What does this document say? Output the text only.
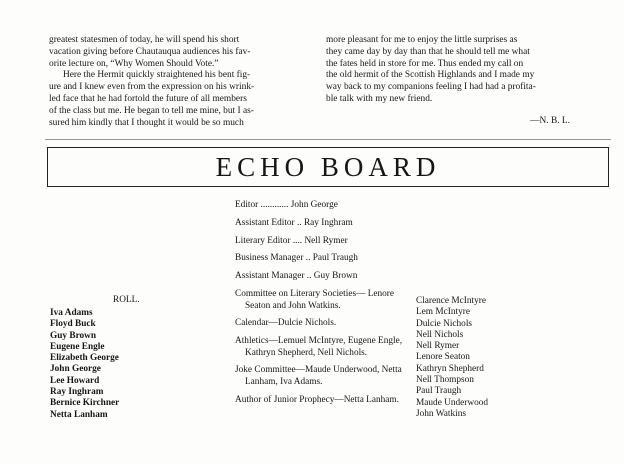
greatest statesmen of today, he will spend his short
vacation giving before Chautauqua audiences his fav-
orite lecture on, “Why Women Should Vote.”

Here the Hermit quickly straightened his bent fig-
ure and I knew even from the expression on his wrink-
led face that he had fortold the future of all members
of the class but me. He began to tell me mine, but I as-
sured him kindly that I thought it would be so much

more pleasant for me to enjoy the little surprises as
they came day by day than that he should tell me what
the fates held in store for me. Thus ended my call on
the old hermit of the Scottish Highlands and I made my
way back to my companions feeling I had had a profita-
ble talk with my new friend.

—N. B. L.

ECHO BOARD
Editor ............ John George
Assistant Editor .. Ray Inghram
Literary Editor .... Nell Rymer
Business Manager .. Paul Traugh
Assistant Manager .. Guy Brown
Committee on Literary Societies— Lenore Seaton and John Watkins.
Calendar—Dulcie Nichols.
Athletics—Lemuel McIntyre, Eugene Engle, Kathryn Shepherd, Nell Nichols.
Joke Committee—Maude Underwood, Netta Lanham, Iva Adams.
Author of Junior Prophecy—Netta Lanham.
ROLL.
Iva Adams
Floyd Buck
Guy Brown
Eugene Engle
Elizabeth George
John George
Lee Howard
Ray Inghram
Bernice Kirchner
Netta Lanham
Clarence McIntyre
Lem McIntyre
Dulcie Nichols
Nell Nichols
Nell Rymer
Lenore Seaton
Kathryn Shepherd
Nell Thompson
Paul Traugh
Maude Underwood
John Watkins
